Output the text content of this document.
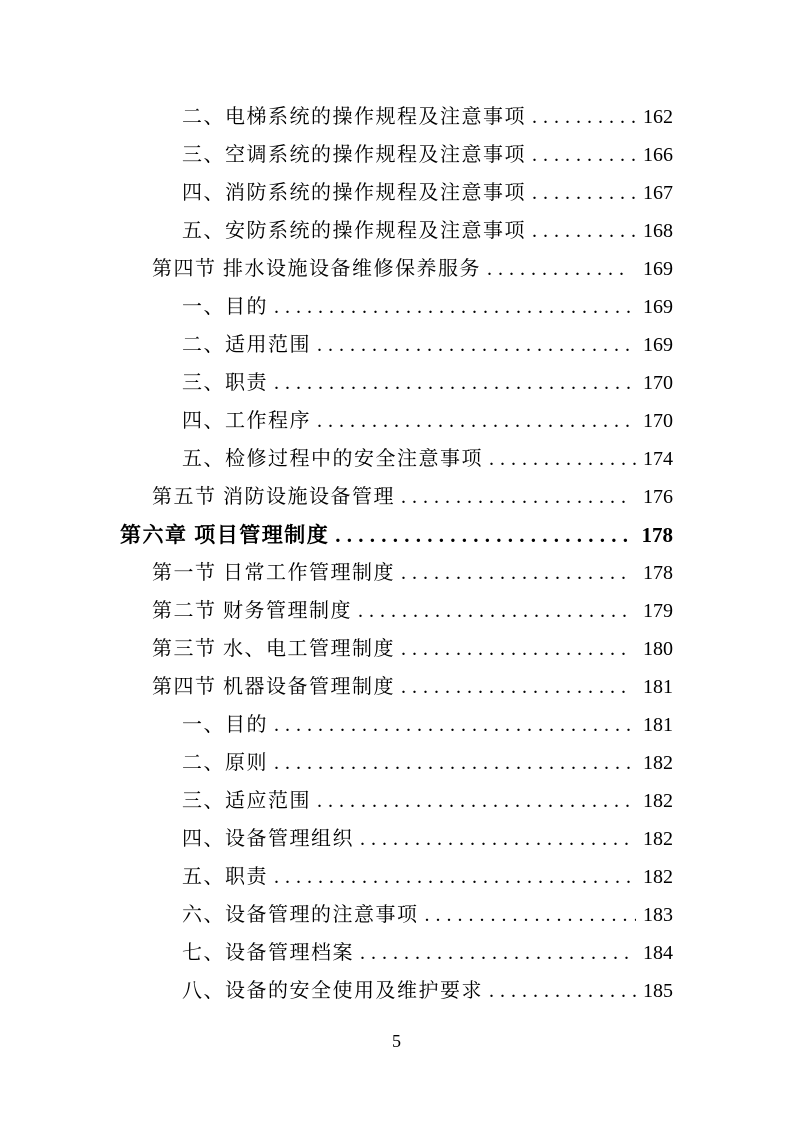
二、电梯系统的操作规程及注意事项 . . .	162
三、空调系统的操作规程及注意事项 . . .	166
四、消防系统的操作规程及注意事项 . . .	167
五、安防系统的操作规程及注意事项 . . .	168
第四节 排水设施设备维修保养服务 . . .	169
一、目的 . . .	169
二、适用范围 . . .	169
三、职责 . . .	170
四、工作程序 . . .	170
五、检修过程中的安全注意事项 . . .	174
第五节 消防设施设备管理 . . .	176
第六章 项目管理制度 . . .	178
第一节 日常工作管理制度 . . .	178
第二节 财务管理制度 . . .	179
第三节 水、电工管理制度 . . .	180
第四节 机器设备管理制度 . . .	181
一、目的 . . .	181
二、原则 . . .	182
三、适应范围 . . .	182
四、设备管理组织 . . .	182
五、职责 . . .	182
六、设备管理的注意事项 . . .	183
七、设备管理档案 . . .	184
八、设备的安全使用及维护要求 . . .	185
5
